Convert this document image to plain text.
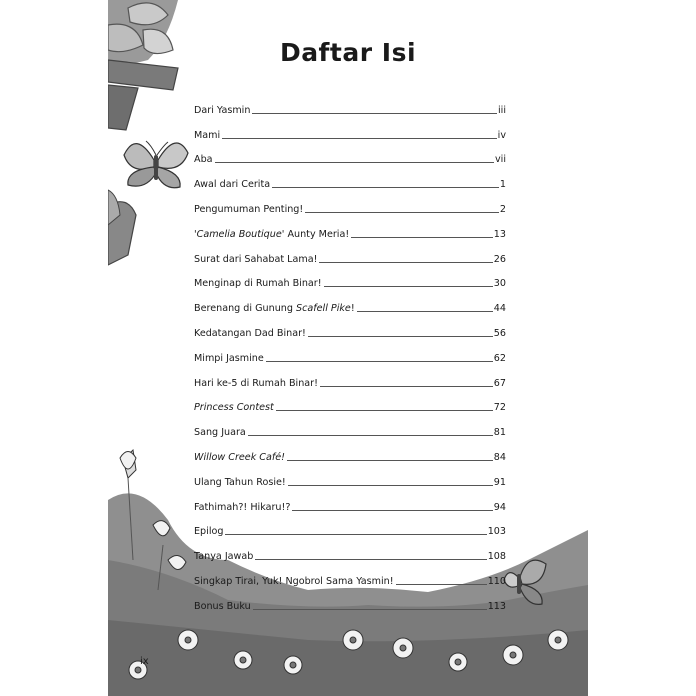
Daftar Isi
Dari Yasmin	iii
Mami	iv
Aba	vii
Awal dari Cerita	1
Pengumuman Penting!	2
'Camelia Boutique' Aunty Meria!	13
Surat dari Sahabat Lama!	26
Menginap di Rumah Binar!	30
Berenang di Gunung Scafell Pike!	44
Kedatangan Dad Binar!	56
Mimpi Jasmine	62
Hari ke-5 di Rumah Binar!	67
Princess Contest	72
Sang Juara	81
Willow Creek Café!	84
Ulang Tahun Rosie!	91
Fathimah?! Hikaru!?	94
Epilog	103
Tanya Jawab	108
Singkap Tirai, Yuk! Ngobrol Sama Yasmin!	110
Bonus Buku	113
ix
